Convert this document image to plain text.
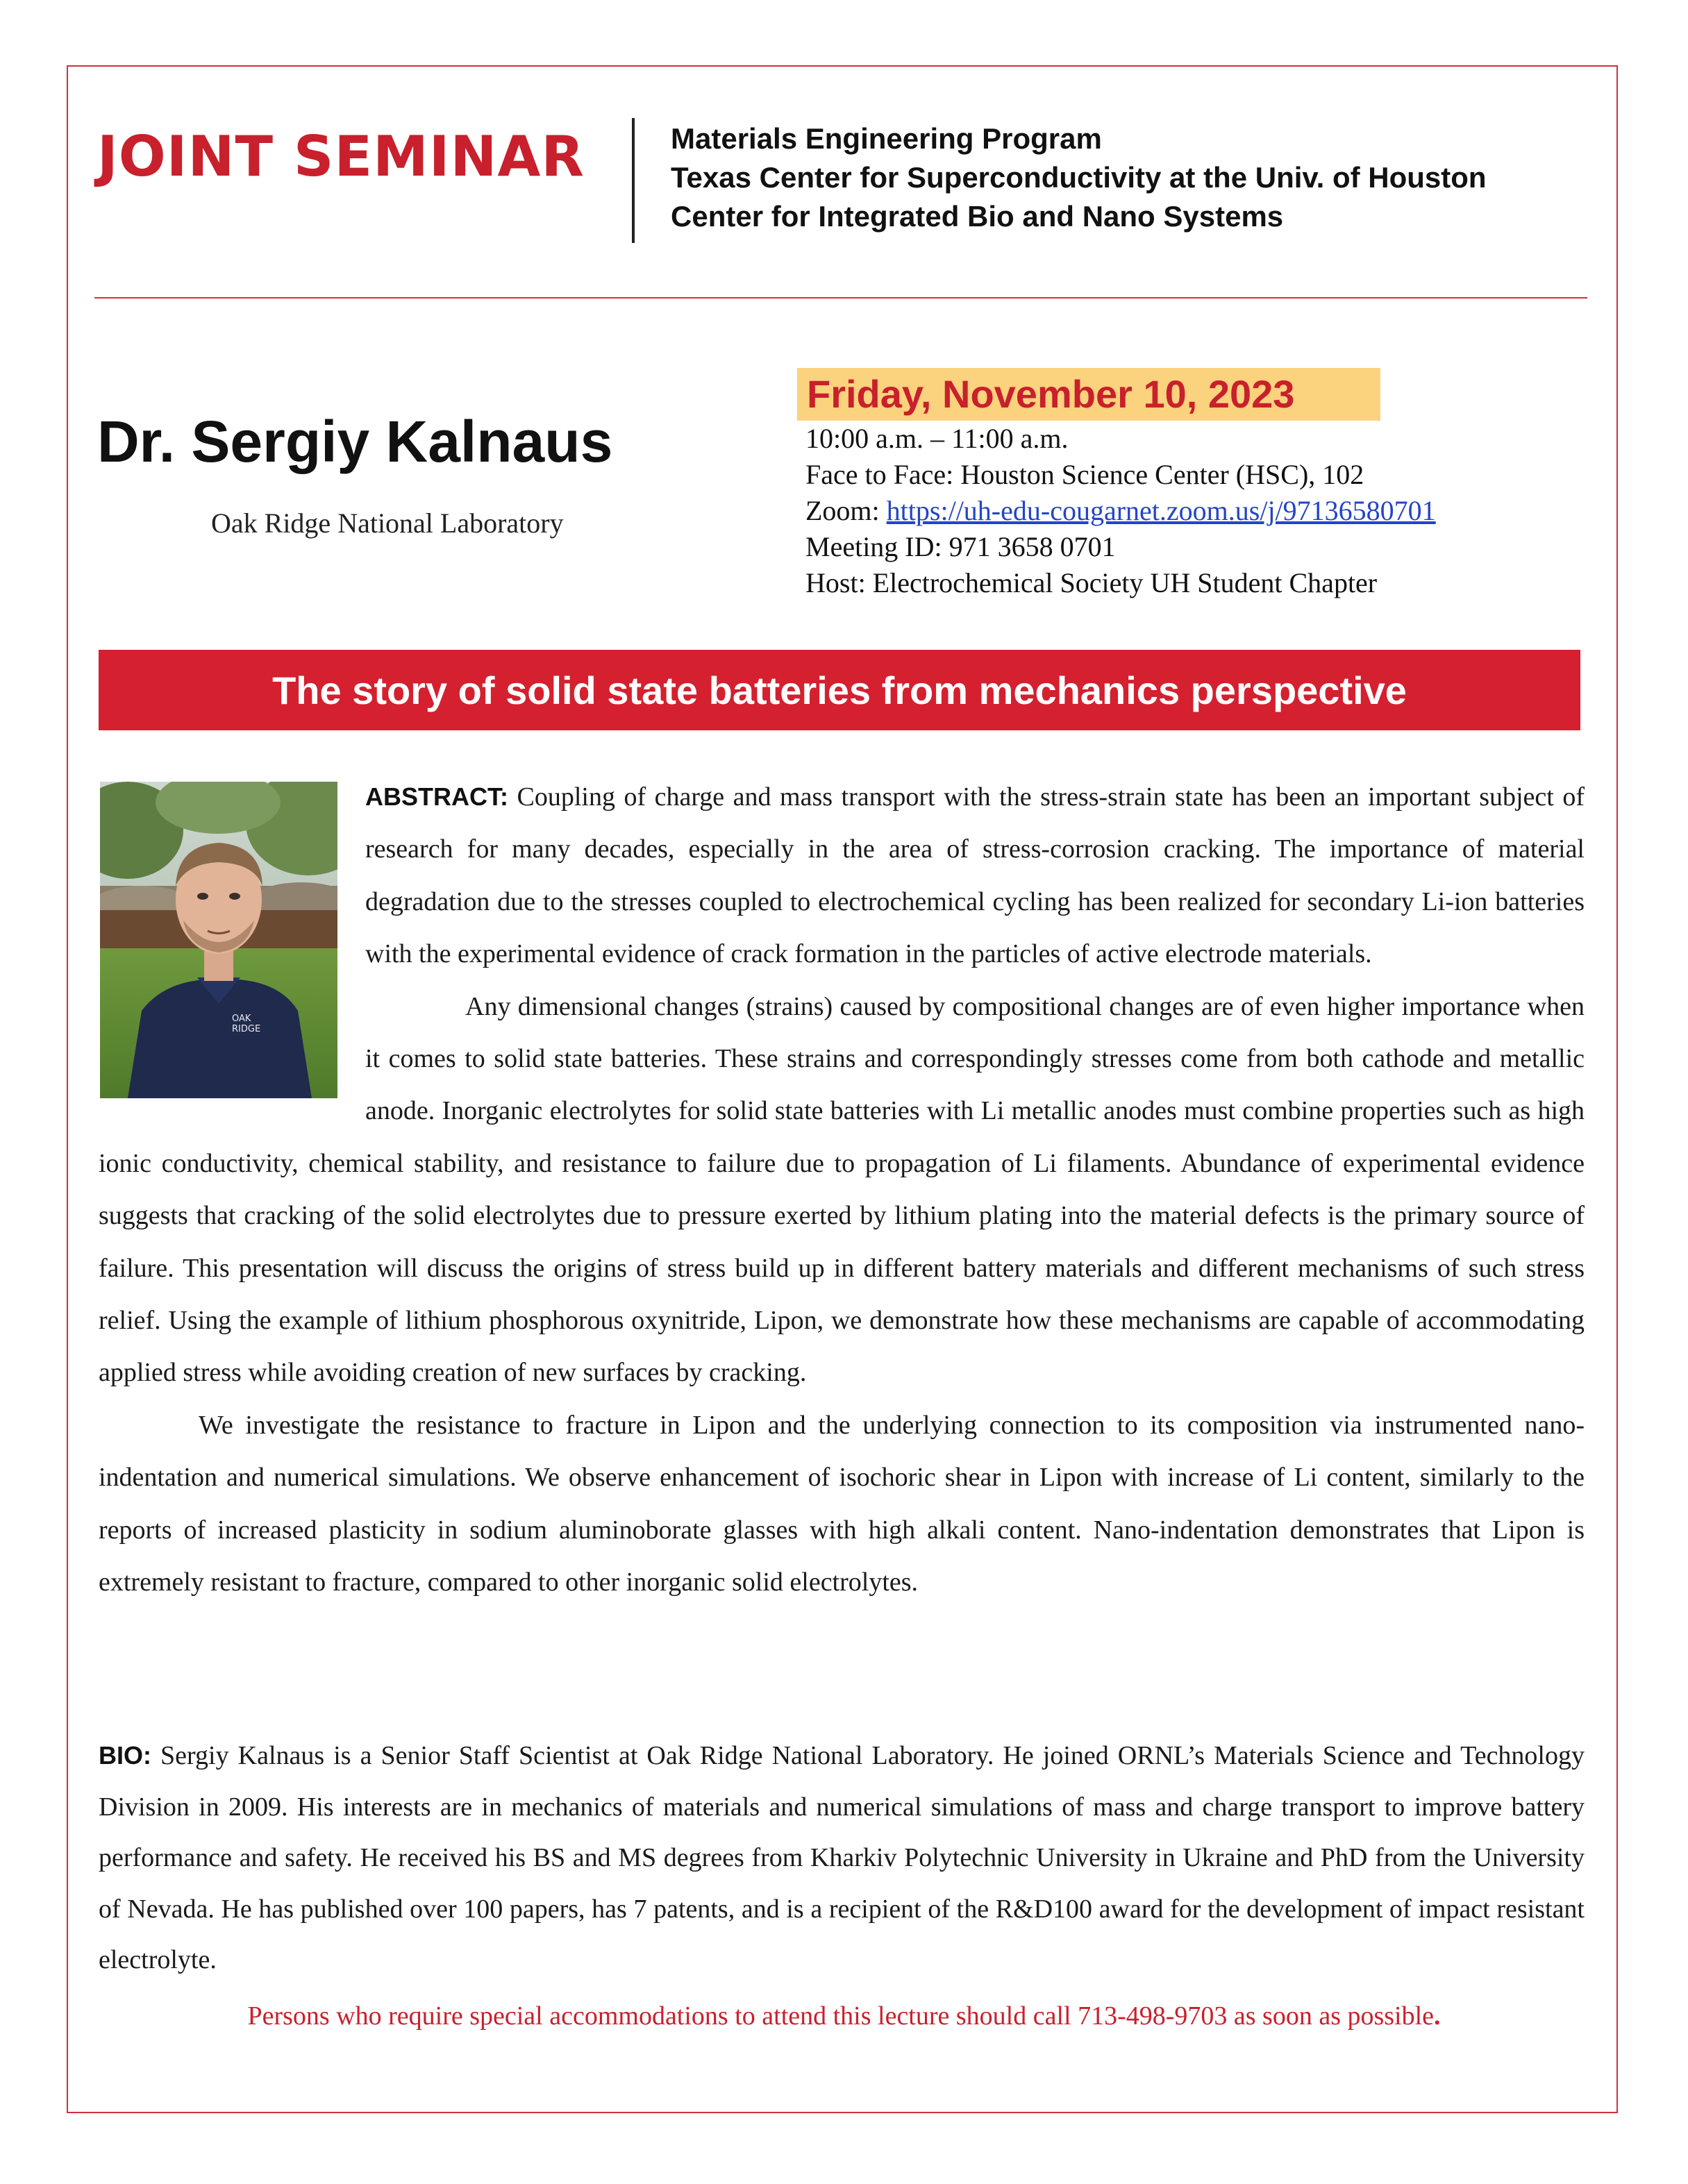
JOINT SEMINAR	Materials Engineering Program
Texas Center for Superconductivity at the Univ. of Houston
Center for Integrated Bio and Nano Systems
Dr. Sergiy Kalnaus
Oak Ridge National Laboratory
Friday, November 10, 2023
10:00 a.m. – 11:00 a.m.
Face to Face: Houston Science Center (HSC), 102
Zoom: https://uh-edu-cougarnet.zoom.us/j/97136580701
Meeting ID: 971 3658 0701
Host: Electrochemical Society UH Student Chapter
The story of solid state batteries from mechanics perspective
OAK
RIDGE

ABSTRACT: Coupling of charge and mass transport with the stress-strain state has been an important subject of research for many decades, especially in the area of stress-corrosion cracking. The importance of material degradation due to the stresses coupled to electrochemical cycling has been realized for secondary Li-ion batteries with the experimental evidence of crack formation in the particles of active electrode materials.

Any dimensional changes (strains) caused by compositional changes are of even higher importance when it comes to solid state batteries. These strains and correspondingly stresses come from both cathode and metallic anode. Inorganic electrolytes for solid state batteries with Li metallic anodes must combine properties such as high ionic conductivity, chemical stability, and resistance to failure due to propagation of Li filaments. Abundance of experimental evidence suggests that cracking of the solid electrolytes due to pressure exerted by lithium plating into the material defects is the primary source of failure. This presentation will discuss the origins of stress build up in different battery materials and different mechanisms of such stress relief. Using the example of lithium phosphorous oxynitride, Lipon, we demonstrate how these mechanisms are capable of accommodating applied stress while avoiding creation of new surfaces by cracking.

We investigate the resistance to fracture in Lipon and the underlying connection to its composition via instrumented nano-indentation and numerical simulations. We observe enhancement of isochoric shear in Lipon with increase of Li content, similarly to the reports of increased plasticity in sodium aluminoborate glasses with high alkali content. Nano-indentation demonstrates that Lipon is extremely resistant to fracture, compared to other inorganic solid electrolytes.

BIO: Sergiy Kalnaus is a Senior Staff Scientist at Oak Ridge National Laboratory. He joined ORNL’s Materials Science and Technology Division in 2009. His interests are in mechanics of materials and numerical simulations of mass and charge transport to improve battery performance and safety. He received his BS and MS degrees from Kharkiv Polytechnic University in Ukraine and PhD from the University of Nevada. He has published over 100 papers, has 7 patents, and is a recipient of the R&D100 award for the development of impact resistant electrolyte.

Persons who require special accommodations to attend this lecture should call 713-498-9703 as soon as possible.
